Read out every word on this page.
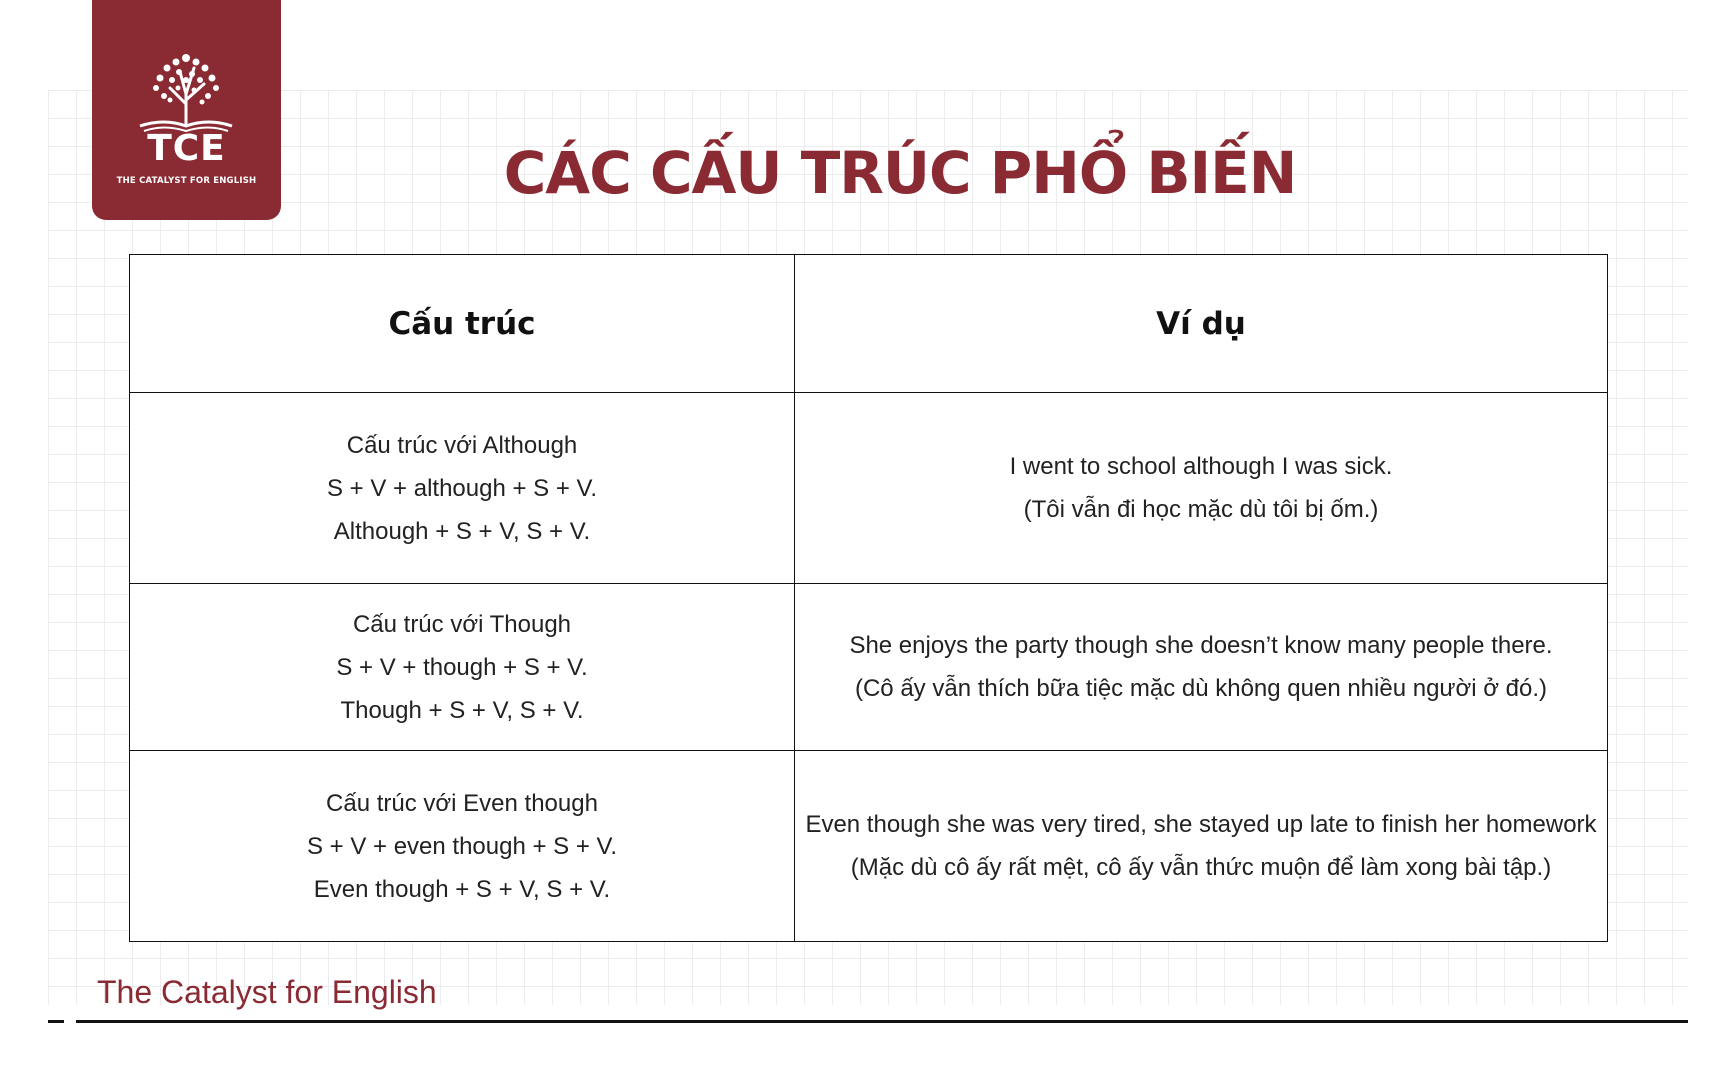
TCE
THE CATALYST FOR ENGLISH	CÁC CẤU TRÚC PHỔ BIẾN
Cấu trúc	Ví dụ

Cấu trúc với Although
S + V + although + S + V.
Although + S + V, S + V.	I went to school although I was sick.
(Tôi vẫn đi học mặc dù tôi bị ốm.)

Cấu trúc với Though
S + V + though + S + V.
Though + S + V, S + V.	She enjoys the party though she doesn’t know many people there.
(Cô ấy vẫn thích bữa tiệc mặc dù không quen nhiều người ở đó.)

Cấu trúc với Even though
S + V + even though + S + V.
Even though + S + V, S + V.	Even though she was very tired, she stayed up late to finish her homework
(Mặc dù cô ấy rất mệt, cô ấy vẫn thức muộn để làm xong bài tập.)
The Catalyst for English
